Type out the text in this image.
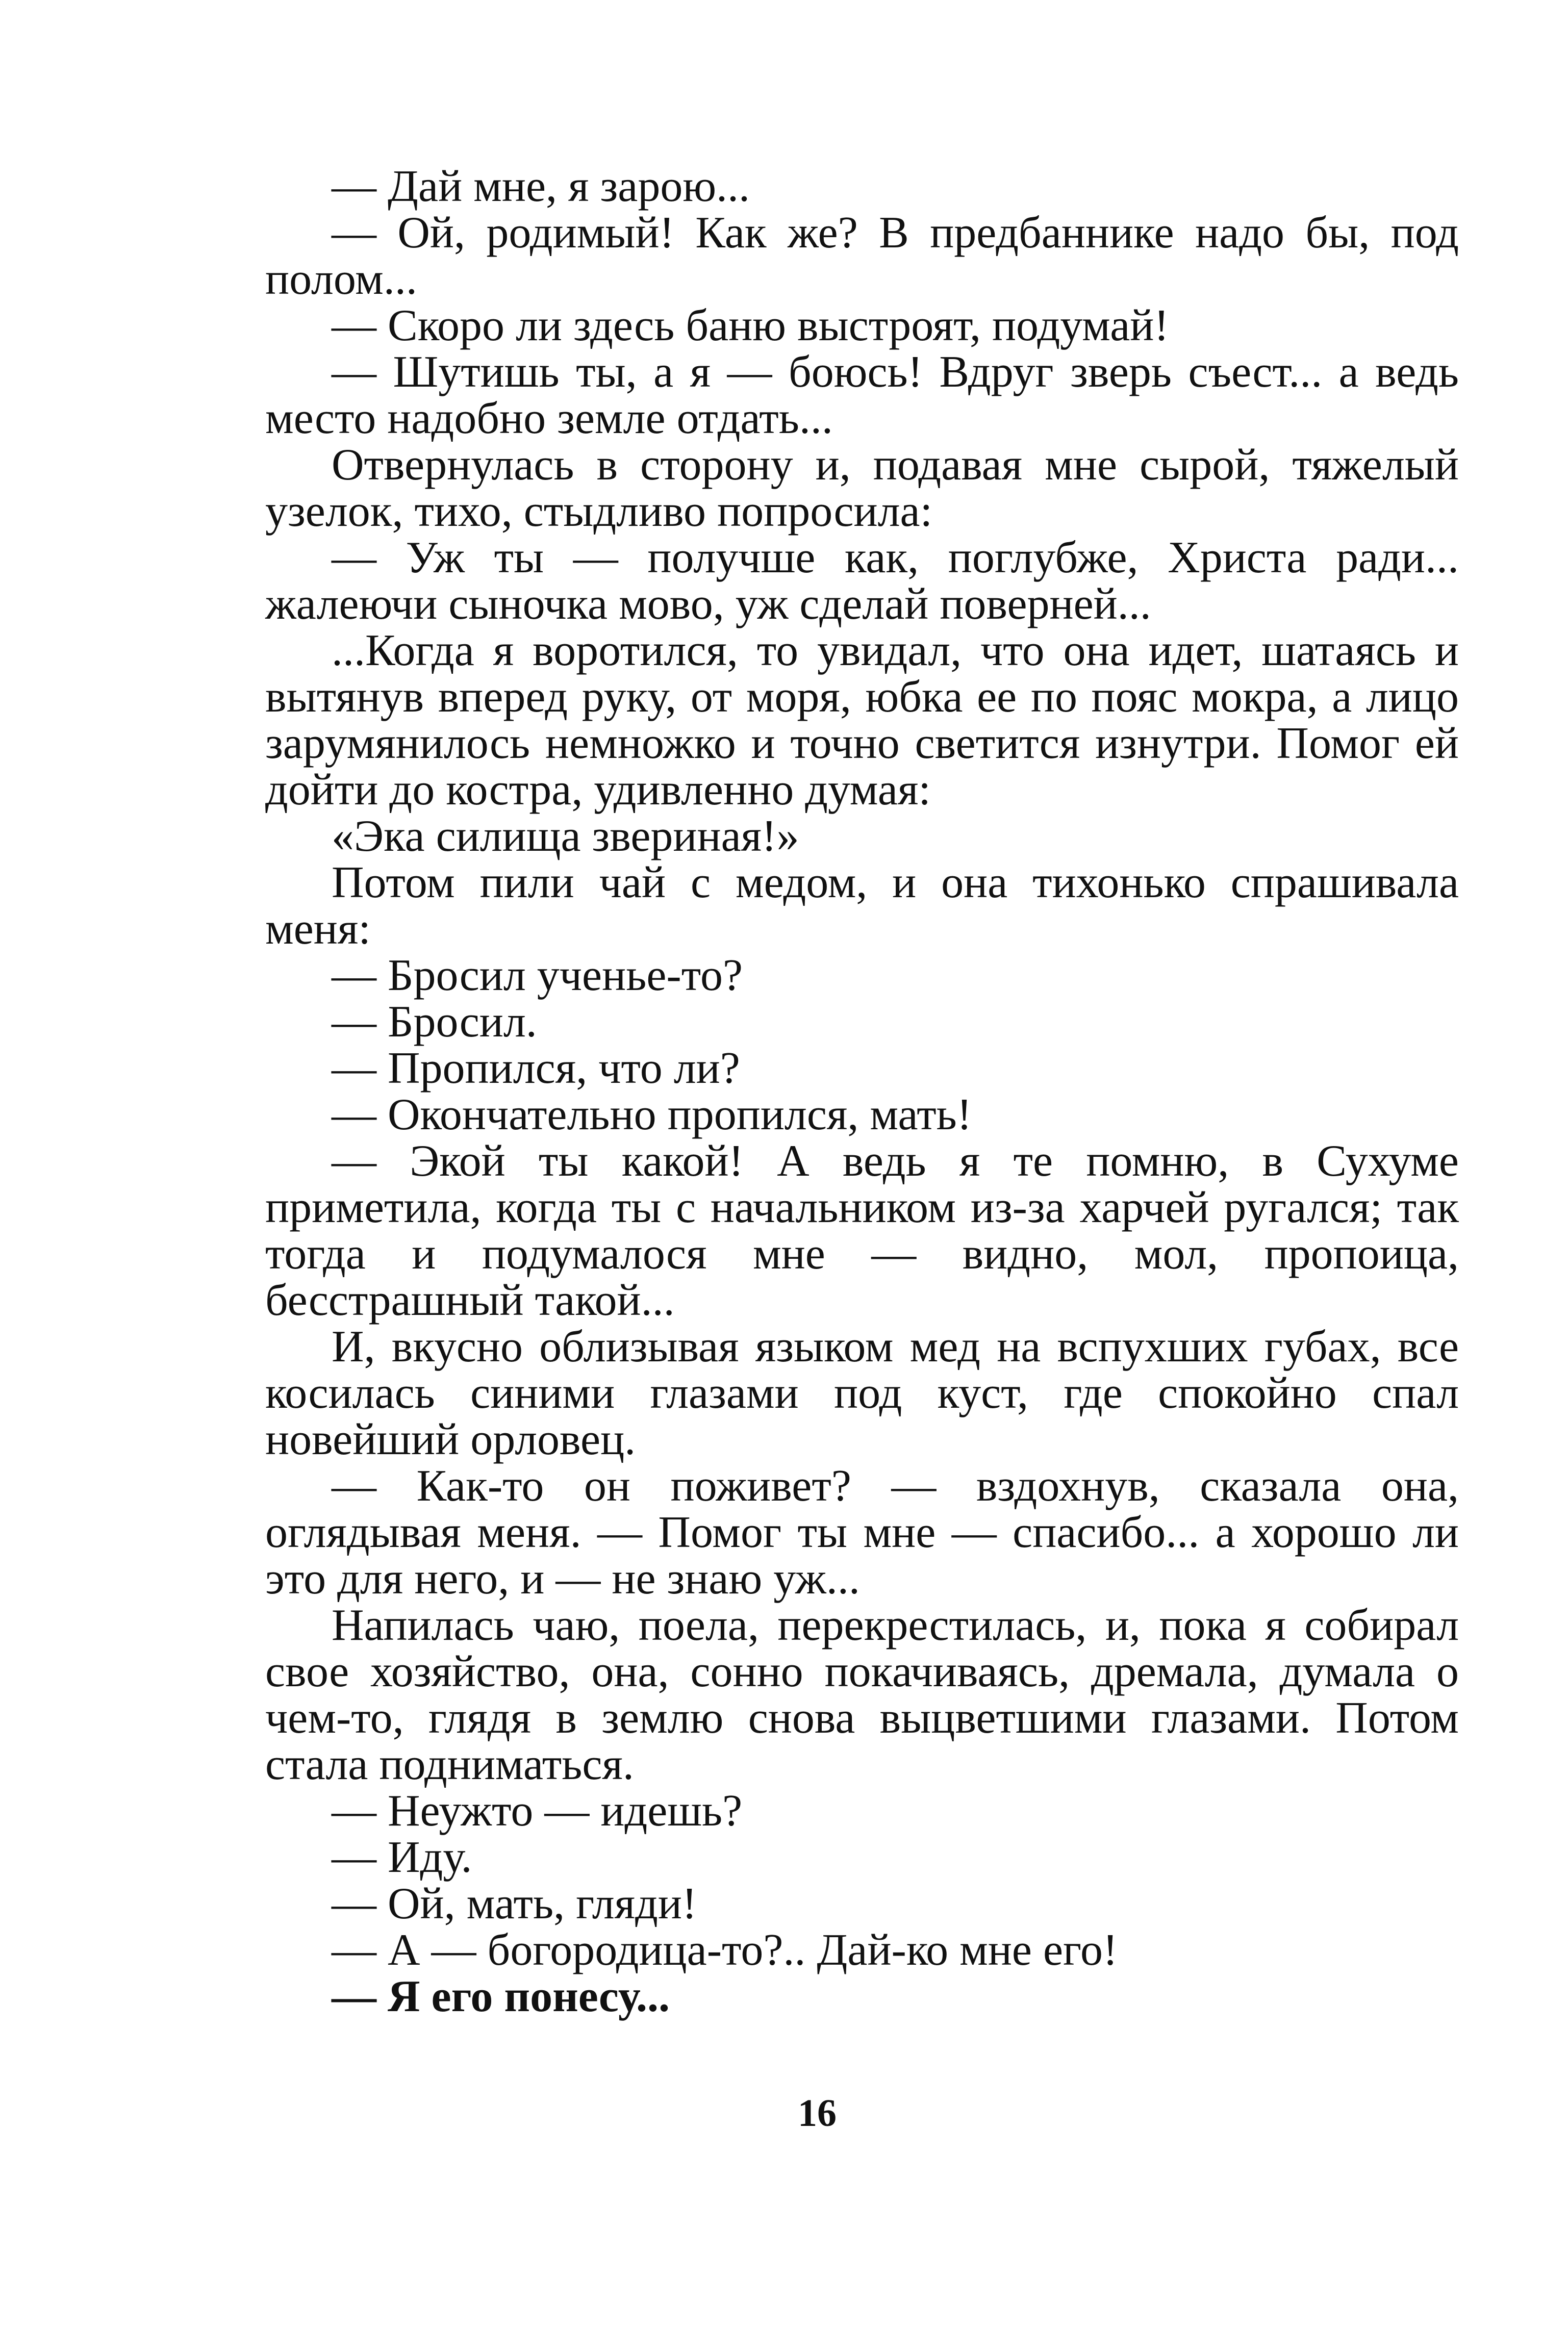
— Дай мне, я зарою...

— Ой, родимый! Как же? В предбаннике надо бы, под полом...

— Скоро ли здесь баню выстроят, подумай!

— Шутишь ты, а я — боюсь! Вдруг зверь съест... а ведь место надобно земле отдать...

Отвернулась в сторону и, подавая мне сырой, тяжелый узелок, тихо, стыдливо попросила:

— Уж ты — получше как, поглубже, Христа ради... жалеючи сыночка мово, уж сделай поверней...

...Когда я воротился, то увидал, что она идет, шатаясь и вытянув вперед руку, от моря, юбка ее по пояс мокра, а лицо зарумянилось немножко и точно светится изнутри. Помог ей дойти до костра, удивленно думая:

«Эка силища звериная!»

Потом пили чай с медом, и она тихонько спрашивала меня:

— Бросил ученье-то?

— Бросил.

— Пропился, что ли?

— Окончательно пропился, мать!

— Экой ты какой! А ведь я те помню, в Сухуме приметила, когда ты с начальником из-за харчей ругался; так тогда и подумалося мне — видно, мол, пропоица, бесстрашный такой...

И, вкусно облизывая языком мед на вспухших губах, все косилась синими глазами под куст, где спокойно спал новейший орловец.

— Как-то он поживет? — вздохнув, сказала она, оглядывая меня. — Помог ты мне — спасибо... а хорошо ли это для него, и — не знаю уж...

Напилась чаю, поела, перекрестилась, и, пока я собирал свое хозяйство, она, сонно покачиваясь, дремала, думала о чем-то, глядя в землю снова выцветшими глазами. Потом стала подниматься.

— Неужто — идешь?

— Иду.

— Ой, мать, гляди!

— А — богородица-то?.. Дай-ко мне его!

— Я его понесу...

16
